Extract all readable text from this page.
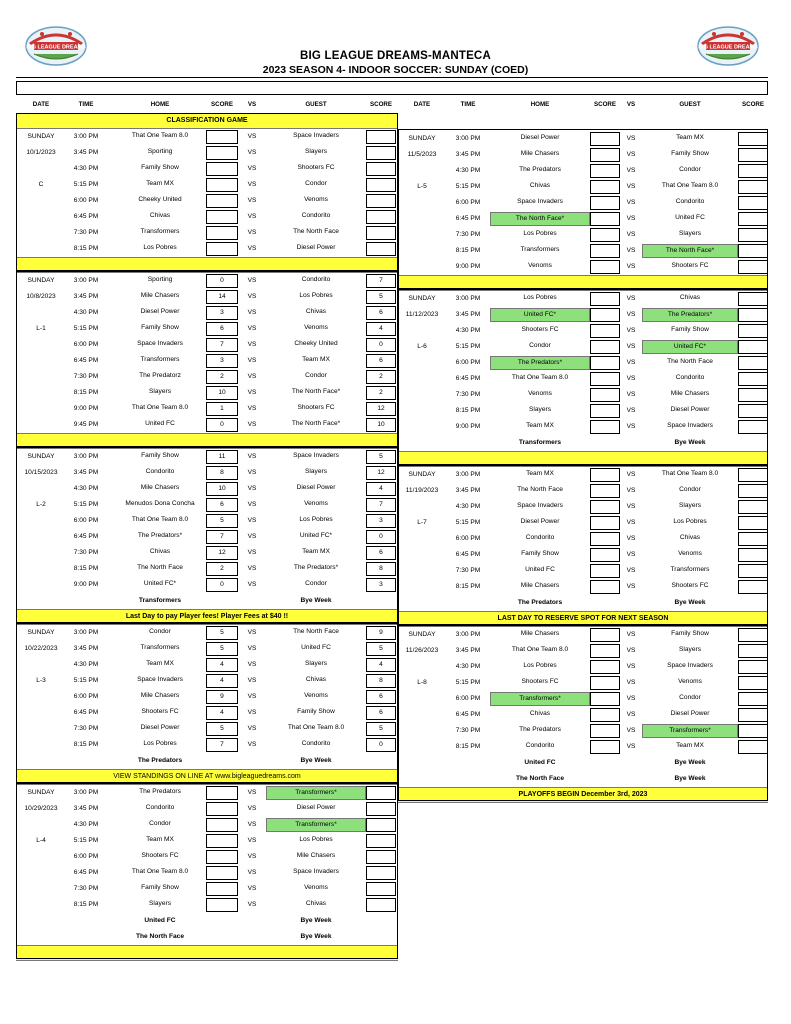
BIG LEAGUE DREAMS	BIG LEAGUE DREAMS
BIG LEAGUE DREAMS-MANTECA
2023 SEASON 4- INDOOR SOCCER: SUNDAY (COED)
DATE	TIME	HOME	SCORE	VS	GUEST	SCORE
CLASSIFICATION GAME
SUNDAY	3:00 PM	That One Team 8.0	VS	Space Invaders
10/1/2023	3:45 PM	Sporting	VS	Slayers
4:30 PM	Family Show	VS	Shooters FC
C	5:15 PM	Team MX	VS	Condor
6:00 PM	Cheeky United	VS	Venoms
6:45 PM	Chivas	VS	Condorito
7:30 PM	Transformers	VS	The North Face
8:15 PM	Los Pobres	VS	Diesel Power
SUNDAY	3:00 PM	Sporting	0	VS	Condorito	7
10/8/2023	3:45 PM	Mile Chasers	14	VS	Los Pobres	5
4:30 PM	Diesel Power	3	VS	Chivas	6
L-1	5:15 PM	Family Show	6	VS	Venoms	4
6:00 PM	Space Invaders	7	VS	Cheeky United	0
6:45 PM	Transformers	3	VS	Team MX	6
7:30 PM	The Predatorz	2	VS	Condor	2
8:15 PM	Slayers	10	VS	The North Face*	2
9:00 PM	That One Team 8.0	1	VS	Shooters FC	12
9:45 PM	United FC	0	VS	The North Face*	10
SUNDAY	3:00 PM	Family Show	11	VS	Space Invaders	5
10/15/2023	3:45 PM	Condorito	8	VS	Slayers	12
4:30 PM	Mile Chasers	10	VS	Diesel Power	4
L-2	5:15 PM	Menudos Dona Concha	6	VS	Venoms	7
6:00 PM	That One Team 8.0	5	VS	Los Pobres	3
6:45 PM	The Predators*	7	VS	United FC*	0
7:30 PM	Chivas	12	VS	Team MX	6
8:15 PM	The North Face	2	VS	The Predators*	8
9:00 PM	United FC*	0	VS	Condor	3
Transformers	Bye Week
Last Day to pay Player fees! Player Fees at $40 !!
SUNDAY	3:00 PM	Condor	5	VS	The North Face	9
10/22/2023	3:45 PM	Transformers	5	VS	United FC	5
4:30 PM	Team MX	4	VS	Slayers	4
L-3	5:15 PM	Space Invaders	4	VS	Chivas	8
6:00 PM	Mile Chasers	9	VS	Venoms	6
6:45 PM	Shooters FC	4	VS	Family Show	6
7:30 PM	Diesel Power	5	VS	That One Team 8.0	5
8:15 PM	Los Pobres	7	VS	Condorito	0
The Predators	Bye Week
VIEW STANDINGS ON LINE AT www.bigleaguedreams.com
SUNDAY	3:00 PM	The Predators	VS	Transformers*
10/29/2023	3:45 PM	Condorito	VS	Diesel Power
4:30 PM	Condor	VS	Transformers*
L-4	5:15 PM	Team MX	VS	Los Pobres
6:00 PM	Shooters FC	VS	Mile Chasers
6:45 PM	That One Team 8.0	VS	Space Invaders
7:30 PM	Family Show	VS	Venoms
8:15 PM	Slayers	VS	Chivas
United FC	Bye Week
The North Face	Bye Week
DATE	TIME	HOME	SCORE	VS	GUEST	SCORE
SUNDAY	3:00 PM	Diesel Power	VS	Team MX
11/5/2023	3:45 PM	Mile Chasers	VS	Family Show
4:30 PM	The Predators	VS	Condor
L-5	5:15 PM	Chivas	VS	That One Team 8.0
6:00 PM	Space Invaders	VS	Condorito
6:45 PM	The North Face*	VS	United FC
7:30 PM	Los Pobres	VS	Slayers
8:15 PM	Transformers	VS	The North Face*
9:00 PM	Venoms	VS	Shooters FC
SUNDAY	3:00 PM	Los Pobres	VS	Chivas
11/12/2023	3:45 PM	United FC*	VS	The Predators*
4:30 PM	Shooters FC	VS	Family Show
L-6	5:15 PM	Condor	VS	United FC*
6:00 PM	The Predators*	VS	The North Face
6:45 PM	That One Team 8.0	VS	Condorito
7:30 PM	Venoms	VS	Mile Chasers
8:15 PM	Slayers	VS	Diesel Power
9:00 PM	Team MX	VS	Space Invaders
Transformers	Bye Week
SUNDAY	3:00 PM	Team MX	VS	That One Team 8.0
11/19/2023	3:45 PM	The North Face	VS	Condor
4:30 PM	Space Invaders	VS	Slayers
L-7	5:15 PM	Diesel Power	VS	Los Pobres
6:00 PM	Condorito	VS	Chivas
6:45 PM	Family Show	VS	Venoms
7:30 PM	United FC	VS	Transformers
8:15 PM	Mile Chasers	VS	Shooters FC
The Predators	Bye Week
LAST DAY TO RESERVE SPOT FOR NEXT SEASON
SUNDAY	3:00 PM	Mile Chasers	VS	Family Show
11/26/2023	3:45 PM	That One Team 8.0	VS	Slayers
4:30 PM	Los Pobres	VS	Space Invaders
L-8	5:15 PM	Shooters FC	VS	Venoms
6:00 PM	Transformers*	VS	Condor
6:45 PM	Chivas	VS	Diesel Power
7:30 PM	The Predators	VS	Transformers*
8:15 PM	Condorito	VS	Team MX
United FC	Bye Week
The North Face	Bye Week
PLAYOFFS BEGIN December 3rd, 2023
